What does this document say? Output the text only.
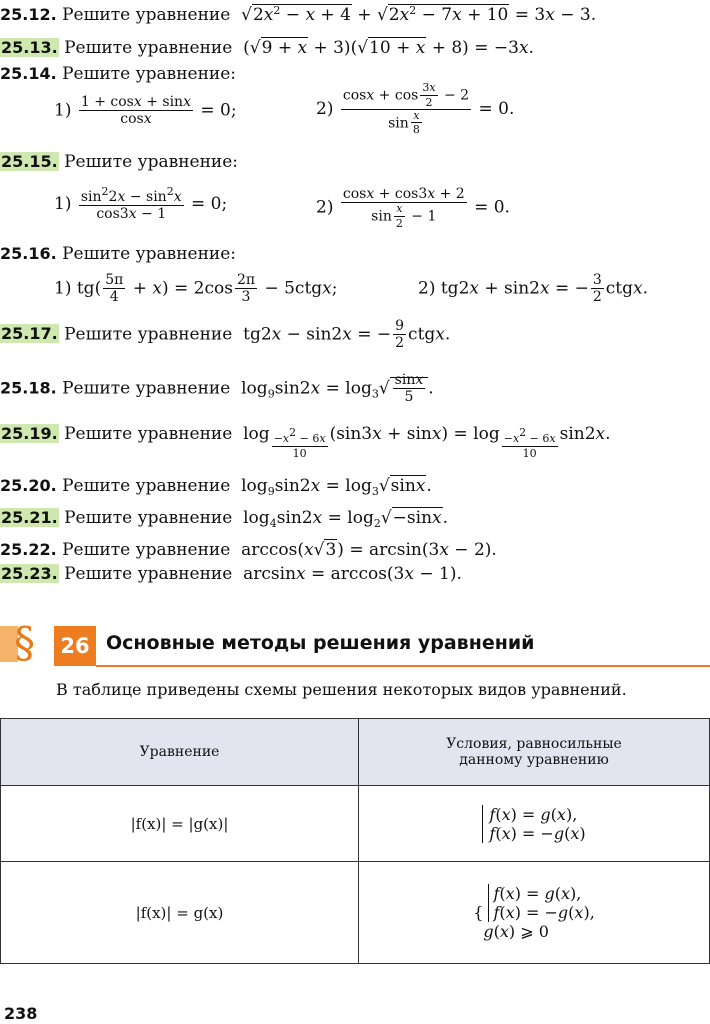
25.12. Решите уравнение  $√2x^2 - x + 4 + √2x^2 - 7x + 10 = 3x - 3$.
25.13. Решите уравнение  (√9 + x + 3)(√10 + x + 8) = −3x.
25.14. Решите уравнение:
$1) \frac{1 + \cos x + \sin x}{\cos x} = 0$;	$2) \frac{\cos x + \cos \frac{3x}{2} - 2}{\sin \frac{x}{8}} = 0$.
25.15. Решите уравнение:
$1) \frac{\sin^22x - \sin^2x}{\cos 3x - 1} = 0$;	$2) \frac{\cos x + \cos 3x + 2}{\sin \frac{x}{2} - 1} = 0$.
25.16. Решите уравнение:
1) $tg( \frac{5\pi}{4} + x) = 2\cos \frac{2\pi}{3}$ − 5ctgx;	2) tg2x + sin2x = − $\frac{3}{2}$ ctgx.
25.17. Решите уравнение  tg2x − sin2x = − $\frac{9}{2}$ ctgx.
25.18. Решите уравнение  $\log_9\sin 2x = \log_3√ \frac{\sin x}{5}$ .
25.19. Решите уравнение  $\log \frac{-x2 - 6x}{10} (\sin 3x + \sin x) = \log \frac{-x2 - 6x}{10} \sin 2x$.
25.20. Решите уравнение  $\log_9\sin 2x = \log_3√\sin x$.
25.21. Решите уравнение  $\log_4\sin 2x = \log_2√-\sin x$.
25.22. Решите уравнение  arccos(x√3) = arcsin(3x − 2).
25.23. Решите уравнение  arcsinx = arccos(3x − 1).
§	26 Основные методы решения уравнений
В таблице приведены схемы решения некоторых видов уравнений.
Уравнение	Условия, равносильные данному уравнению
|f(x)| = |g(x)|	f(x) = g(x),
f(x) = −g(x)
|f(x)| = g(x)	{ f(x) = g(x),
f(x) = −g(x),
g(x) ⩾ 0
238
